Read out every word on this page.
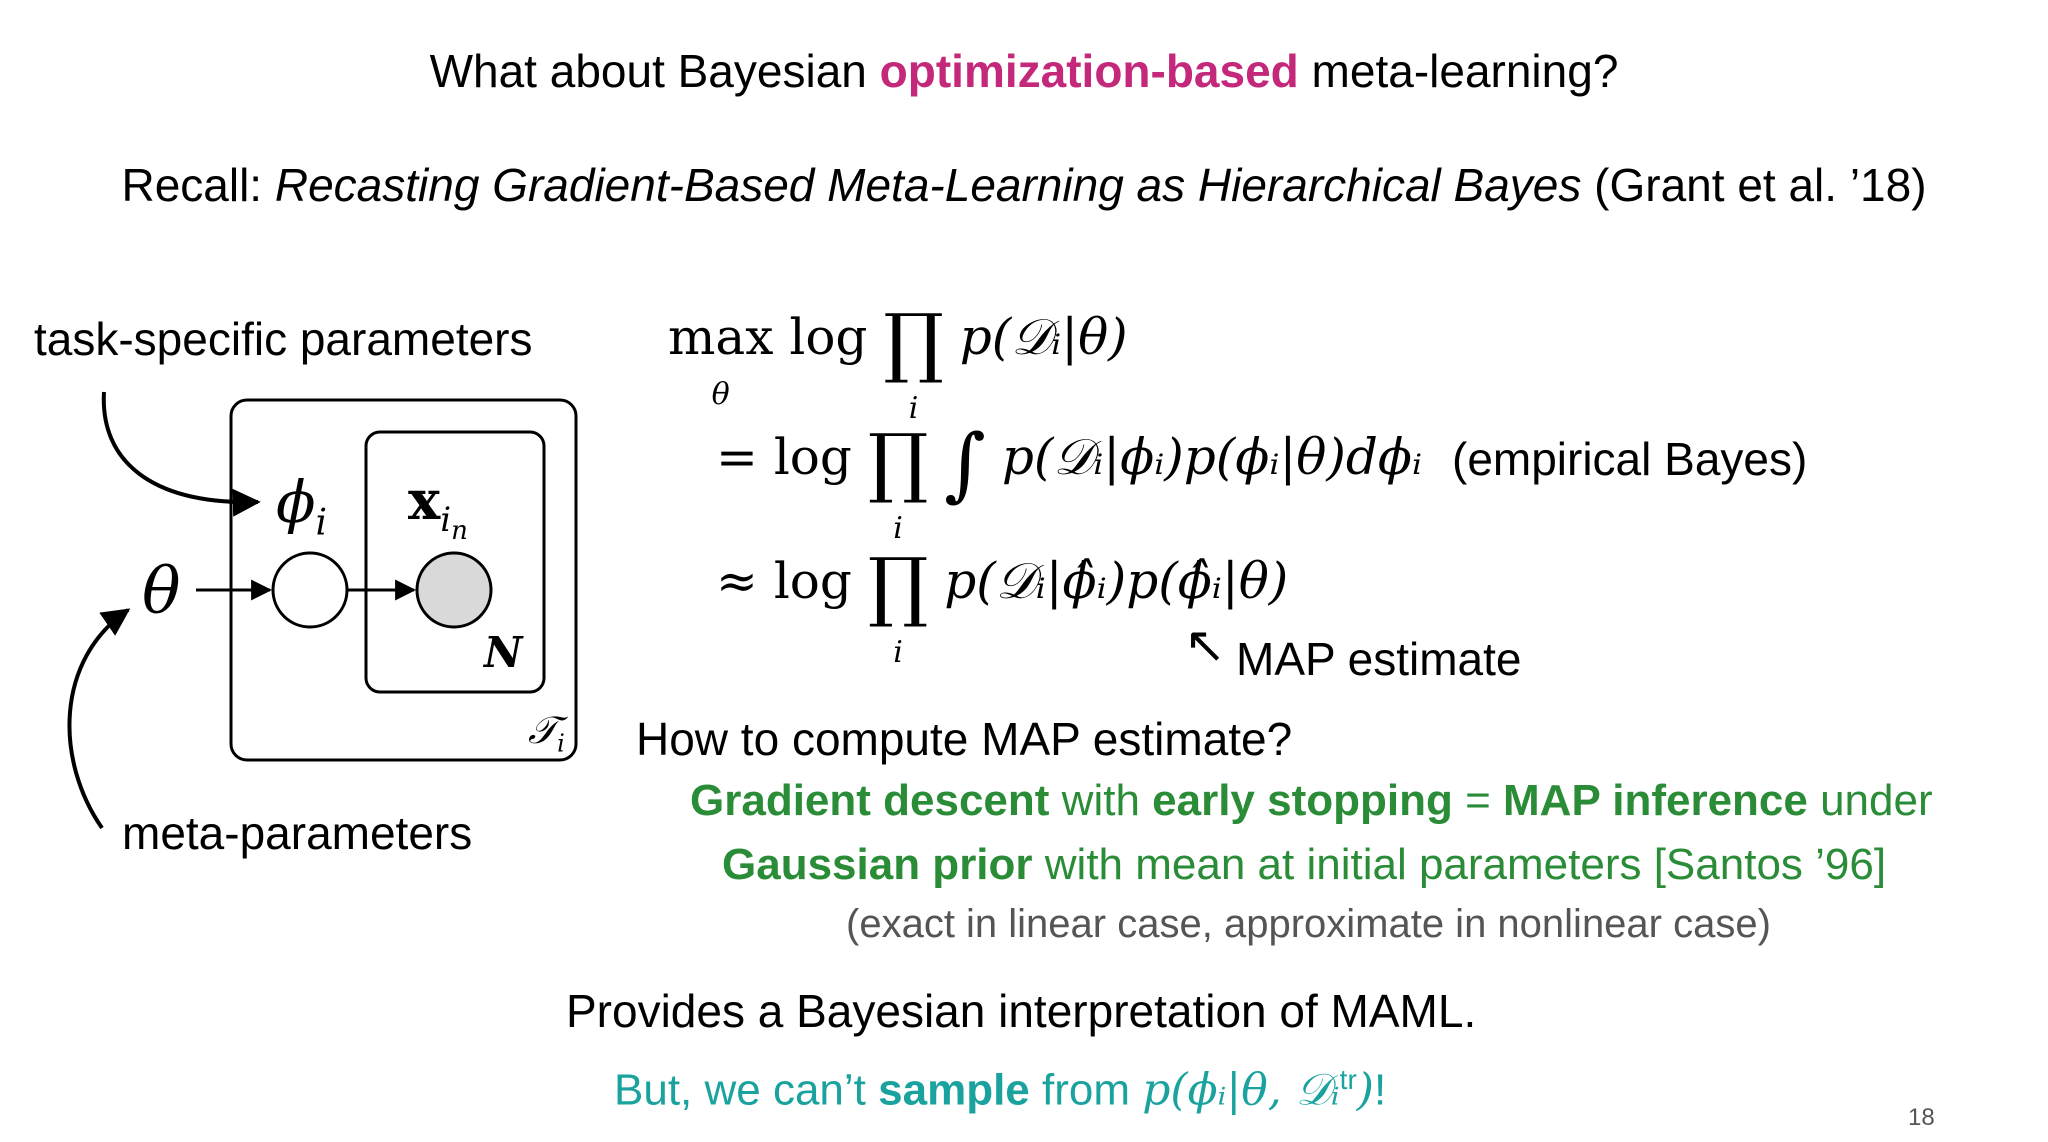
What about Bayesian optimization-based meta-learning?
Recall: Recasting Gradient-Based Meta-Learning as Hierarchical Bayes (Grant et al. ’18)
task-specific parameters
meta-parameters
θ
$\phi_i$ $x_{i_n}$
N
𝒯$_i$
max
θ log ∏
i p(𝒟ᵢ|θ)
= log ∏
i ∫ p(𝒟ᵢ|ϕᵢ)p(ϕᵢ|θ)dϕᵢ (empirical Bayes)
≈ log ∏
i p(𝒟ᵢ|ϕ̂ᵢ)p(ϕ̂ᵢ|θ)
↖ MAP estimate
How to compute MAP estimate?
Gradient descent with early stopping = MAP inference under
Gaussian prior with mean at initial parameters [Santos ’96]
(exact in linear case, approximate in nonlinear case)
Provides a Bayesian interpretation of MAML.
But, we can’t sample from p(ϕᵢ|θ, 𝒟ᵢ$^{tr}$)!
18
